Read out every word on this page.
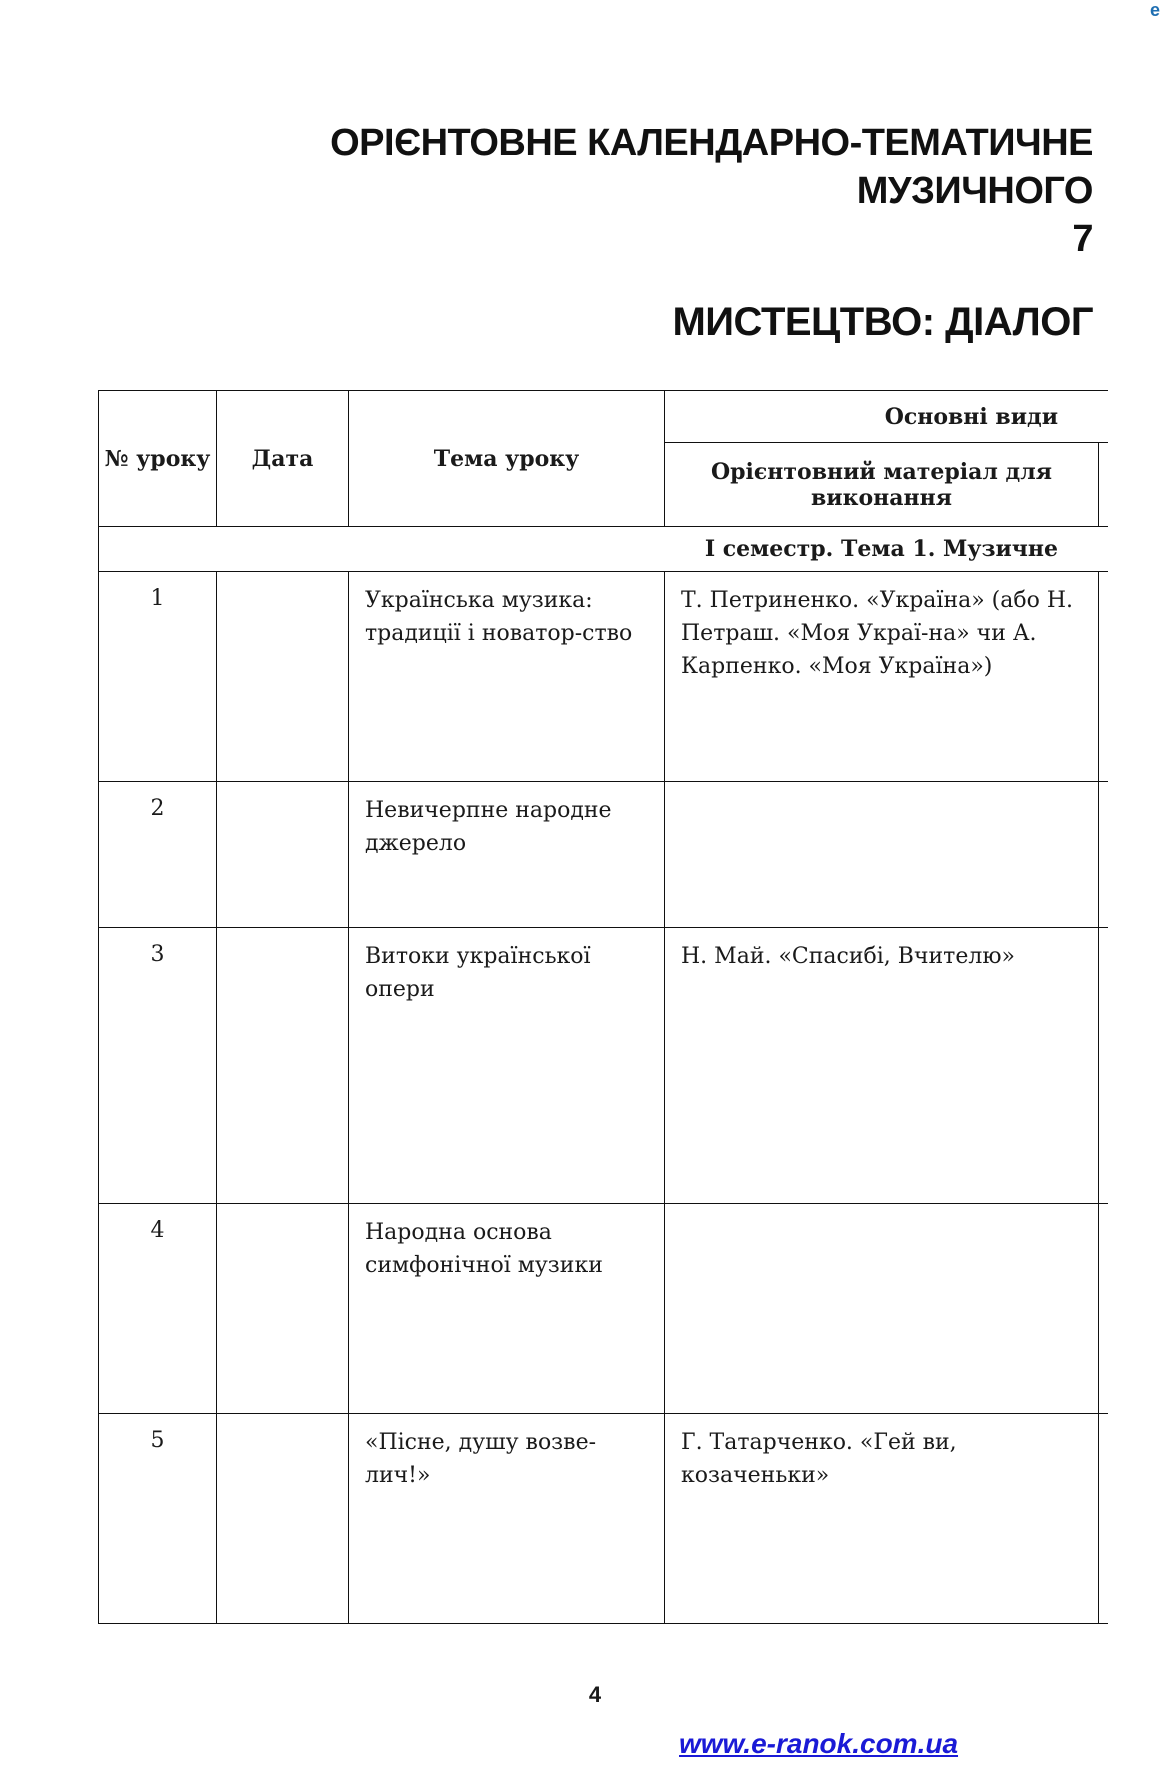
e
ОРІЄНТОВНЕ КАЛЕНДАРНО-ТЕМАТИЧНЕ
МУЗИЧНОГО
7
МИСТЕЦТВО: ДІАЛОГ
№ уроку	Дата	Тема уроку	Основні види	
			Орієнтовний матеріал для виконання	
I семестр. Тема 1. Музичне				
1		Українська музика: традиції і новатор-ство	Т. Петриненко. «Україна» (або Н. Петраш. «Моя Украї-на» чи А. Карпенко. «Моя Україна»)	
2		Невичерпне народне джерело		
3		Витоки української опери	Н. Май. «Спасибі, Вчителю»	
4		Народна основа симфонічної музики		
5		«Пісне, душу возве-лич!»	Г. Татарченко. «Гей ви, козаченьки»	
4
www.e-ranok.com.ua
